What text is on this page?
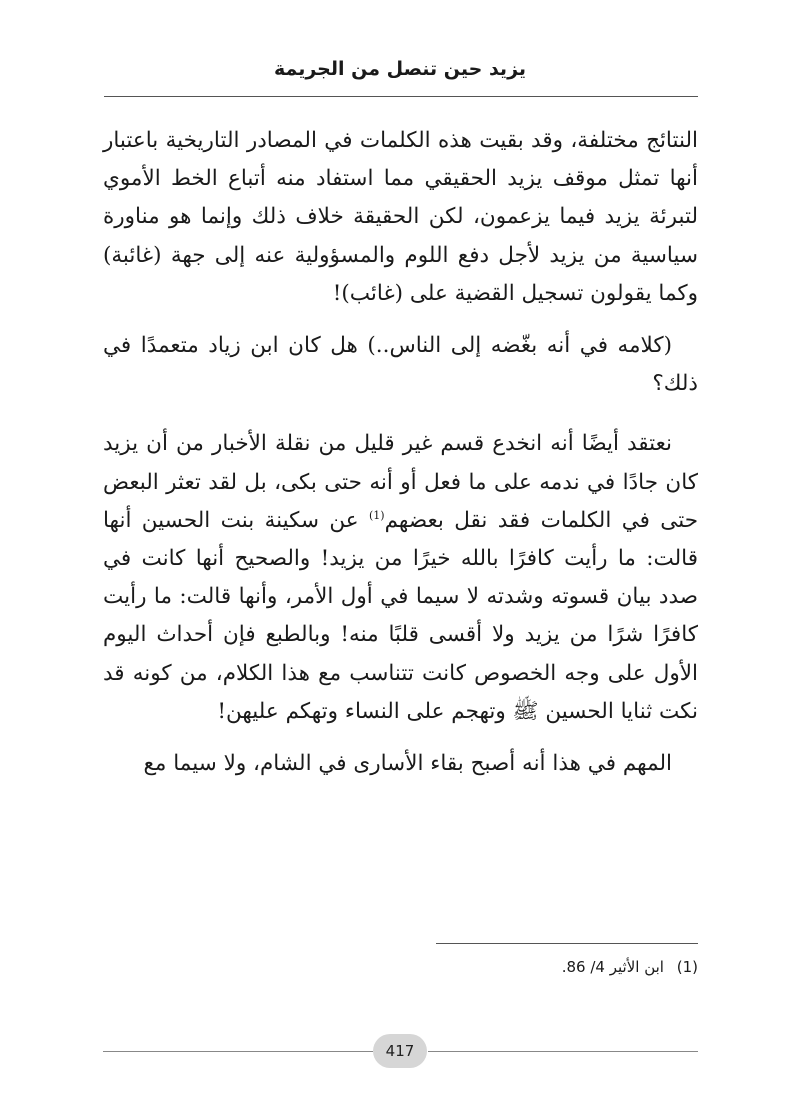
يزيد حين تنصل من الجريمة

النتائج مختلفة، وقد بقيت هذه الكلمات في المصادر التاريخية باعتبار أنها تمثل موقف يزيد الحقيقي مما استفاد منه أتباع الخط الأموي لتبرئة يزيد فيما يزعمون، لكن الحقيقة خلاف ذلك وإنما هو مناورة سياسية من يزيد لأجل دفع اللوم والمسؤولية عنه إلى جهة (غائبة) وكما يقولون تسجيل القضية على (غائب)!

(كلامه في أنه بغّضه إلى الناس..) هل كان ابن زياد متعمدًا في ذلك؟

نعتقد أيضًا أنه انخدع قسم غير قليل من نقلة الأخبار من أن يزيد كان جادًا في ندمه على ما فعل أو أنه حتى بكى، بل لقد تعثر البعض حتى في الكلمات فقد نقل بعضهم$^{(1)}$ عن سكينة بنت الحسين أنها قالت: ما رأيت كافرًا بالله خيرًا من يزيد! والصحيح أنها كانت في صدد بيان قسوته وشدته لا سيما في أول الأمر، وأنها قالت: ما رأيت كافرًا شرًا من يزيد ولا أقسى قلبًا منه! وبالطبع فإن أحداث اليوم الأول على وجه الخصوص كانت تتناسب مع هذا الكلام، من كونه قد نكت ثنايا الحسين ﷺ وتهجم على النساء وتهكم عليهن!

المهم في هذا أنه أصبح بقاء الأسارى في الشام، ولا سيما مع

(1) ابن الأثير 4/ 86.
417
